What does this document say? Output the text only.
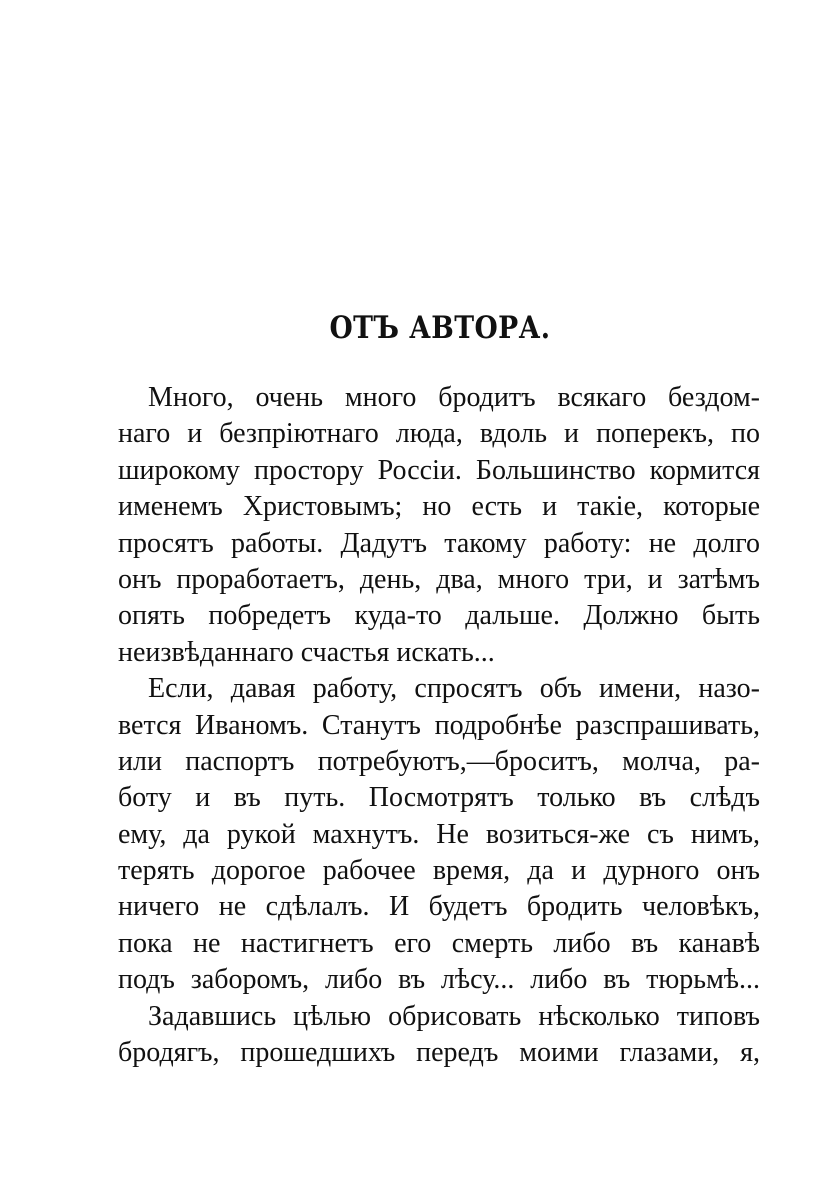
ОТЪ АВТОРА.
Много, очень много бродитъ всякаго бездом-
наго и безпріютнаго люда, вдоль и поперекъ, по
широкому простору Россіи. Большинство кормится
именемъ Христовымъ; но есть и такіе, которые
просятъ работы. Дадутъ такому работу: не долго
онъ проработаетъ, день, два, много три, и затѣмъ
опять побредетъ куда-то дальше. Должно быть
неизвѣданнаго счастья искать...
Если, давая работу, спросятъ объ имени, назо-
вется Иваномъ. Станутъ подробнѣе разспрашивать,
или паспортъ потребуютъ,—броситъ, молча, ра-
боту и въ путь. Посмотрятъ только въ слѣдъ
ему, да рукой махнутъ. Не возиться-же съ нимъ,
терять дорогое рабочее время, да и дурного онъ
ничего не сдѣлалъ. И будетъ бродить человѣкъ,
пока не настигнетъ его смерть либо въ канавѣ
подъ заборомъ, либо въ лѣсу... либо въ тюрьмѣ...
Задавшись цѣлью обрисовать нѣсколько типовъ
бродягъ, прошедшихъ передъ моими глазами, я,
